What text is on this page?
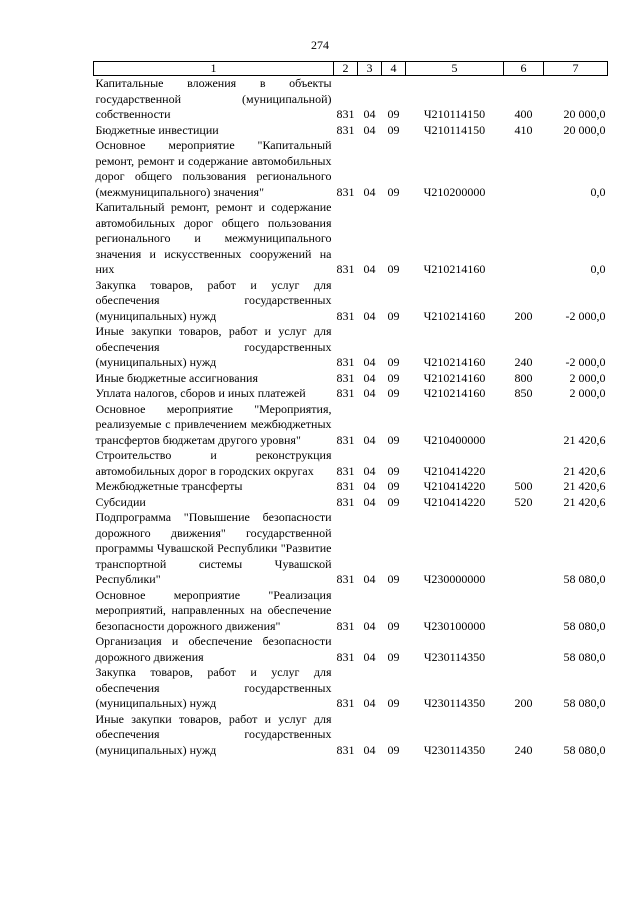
274
1	2	3	4	5	6	7
Капитальные вложения в объекты государственной (муниципальной) собственности	831	04	09	Ч210114150	400	20 000,0
Бюджетные инвестиции	831	04	09	Ч210114150	410	20 000,0
Основное мероприятие "Капитальный ремонт, ремонт и содержание автомобильных дорог общего пользования регионального (межмуниципального) значения"	831	04	09	Ч210200000		0,0
Капитальный ремонт, ремонт и содержание автомобильных дорог общего пользования регионального и межмуниципального значения и искусственных сооружений на них	831	04	09	Ч210214160		0,0
Закупка товаров, работ и услуг для обеспечения государственных (муниципальных) нужд	831	04	09	Ч210214160	200	-2 000,0
Иные закупки товаров, работ и услуг для обеспечения государственных (муниципальных) нужд	831	04	09	Ч210214160	240	-2 000,0
Иные бюджетные ассигнования	831	04	09	Ч210214160	800	2 000,0
Уплата налогов, сборов и иных платежей	831	04	09	Ч210214160	850	2 000,0
Основное мероприятие "Мероприятия, реализуемые с привлечением межбюджетных трансфертов бюджетам другого уровня"	831	04	09	Ч210400000		21 420,6
Строительство и реконструкция автомобильных дорог в городских округах	831	04	09	Ч210414220		21 420,6
Межбюджетные трансферты	831	04	09	Ч210414220	500	21 420,6
Субсидии	831	04	09	Ч210414220	520	21 420,6
Подпрограмма "Повышение безопасности дорожного движения" государственной программы Чувашской Республики "Развитие транспортной системы Чувашской Республики"	831	04	09	Ч230000000		58 080,0
Основное мероприятие "Реализация мероприятий, направленных на обеспечение безопасности дорожного движения"	831	04	09	Ч230100000		58 080,0
Организация и обеспечение безопасности дорожного движения	831	04	09	Ч230114350		58 080,0
Закупка товаров, работ и услуг для обеспечения государственных (муниципальных) нужд	831	04	09	Ч230114350	200	58 080,0
Иные закупки товаров, работ и услуг для обеспечения государственных (муниципальных) нужд	831	04	09	Ч230114350	240	58 080,0
